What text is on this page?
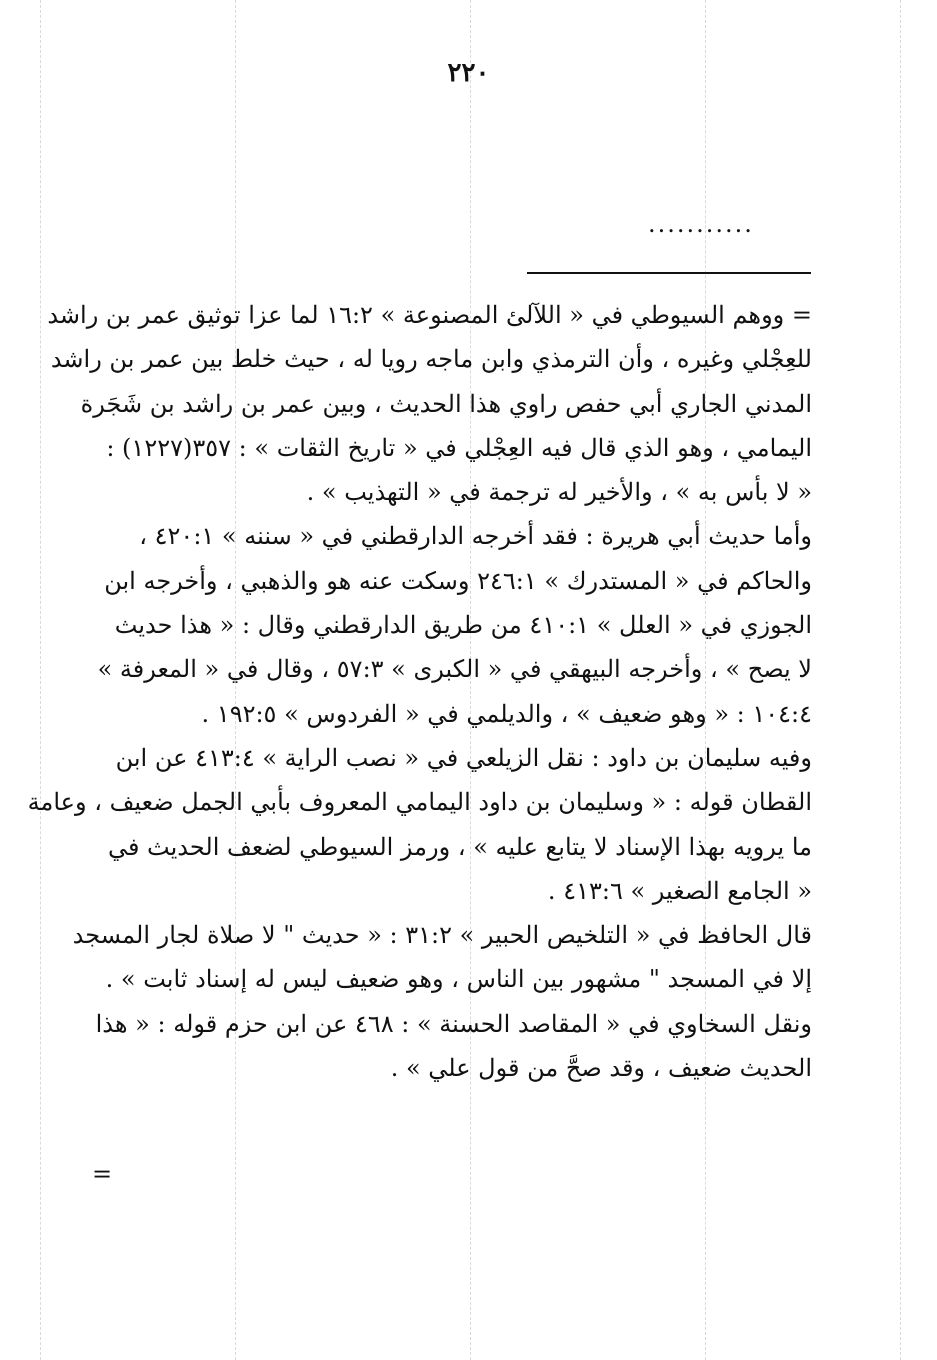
٢٢٠
...........
= ووهم السيوطي في « اللآلئ المصنوعة » ١٦:٢ لما عزا توثيق عمر بن راشد
للعِجْلي وغيره ، وأن الترمذي وابن ماجه رويا له ، حيث خلط بين عمر بن راشد
المدني الجاري أبي حفص راوي هذا الحديث ، وبين عمر بن راشد بن شَجَرة
اليمامي ، وهو الذي قال فيه العِجْلي في « تاريخ الثقات » : ٣٥٧(١٢٢٧) :
« لا بأس به » ، والأخير له ترجمة في « التهذيب » .
وأما حديث أبي هريرة : فقد أخرجه الدارقطني في « سننه » ٤٢٠:١ ،
والحاكم في « المستدرك » ٢٤٦:١ وسكت عنه هو والذهبي ، وأخرجه ابن
الجوزي في « العلل » ٤١٠:١ من طريق الدارقطني وقال : « هذا حديث
لا يصح » ، وأخرجه البيهقي في « الكبرى » ٥٧:٣ ، وقال في « المعرفة »
١٠٤:٤ : « وهو ضعيف » ، والديلمي في « الفردوس » ١٩٢:٥ .
وفيه سليمان بن داود : نقل الزيلعي في « نصب الراية » ٤١٣:٤ عن ابن
القطان قوله : « وسليمان بن داود اليمامي المعروف بأبي الجمل ضعيف ، وعامة
ما يرويه بهذا الإسناد لا يتابع عليه » ، ورمز السيوطي لضعف الحديث في
« الجامع الصغير » ٤١٣:٦ .
قال الحافظ في « التلخيص الحبير » ٣١:٢ : « حديث " لا صلاة لجار المسجد
إلا في المسجد " مشهور بين الناس ، وهو ضعيف ليس له إسناد ثابت » .
ونقل السخاوي في « المقاصد الحسنة » : ٤٦٨ عن ابن حزم قوله : « هذا
الحديث ضعيف ، وقد صحَّ من قول علي » .
=
